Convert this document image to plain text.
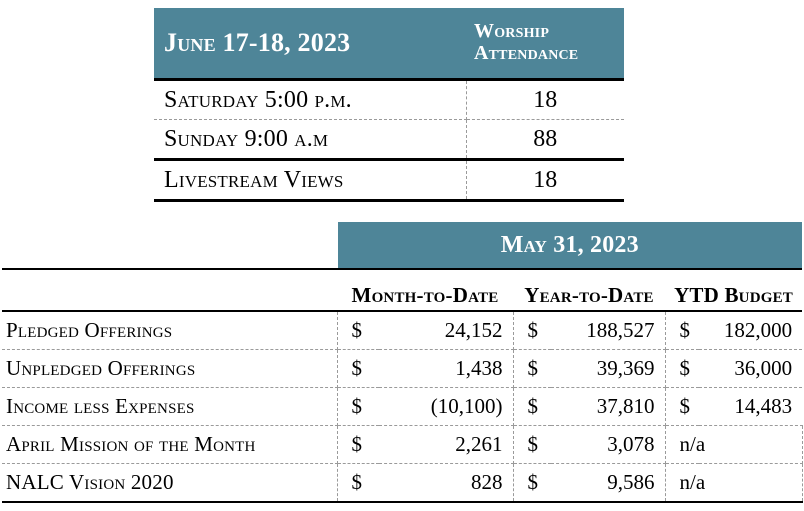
June 17-18, 2023	Worship
Attendance

Saturday 5:00 p.m.	18
Sunday 9:00 a.m	88
Livestream Views	18
	May 31, 2023					
	Month-to-Date		Year-to-Date		YTD Budget	
Pledged Offerings	$	24,152	$	188,527	$	182,000
Unpledged Offerings	$	1,438	$	39,369	$	36,000
Income less Expenses	$	(10,100)	$	37,810	$	14,483
April Mission of the Month	$	2,261	$	3,078	n/a	
NALC Vision 2020	$	828	$	9,586	n/a	
